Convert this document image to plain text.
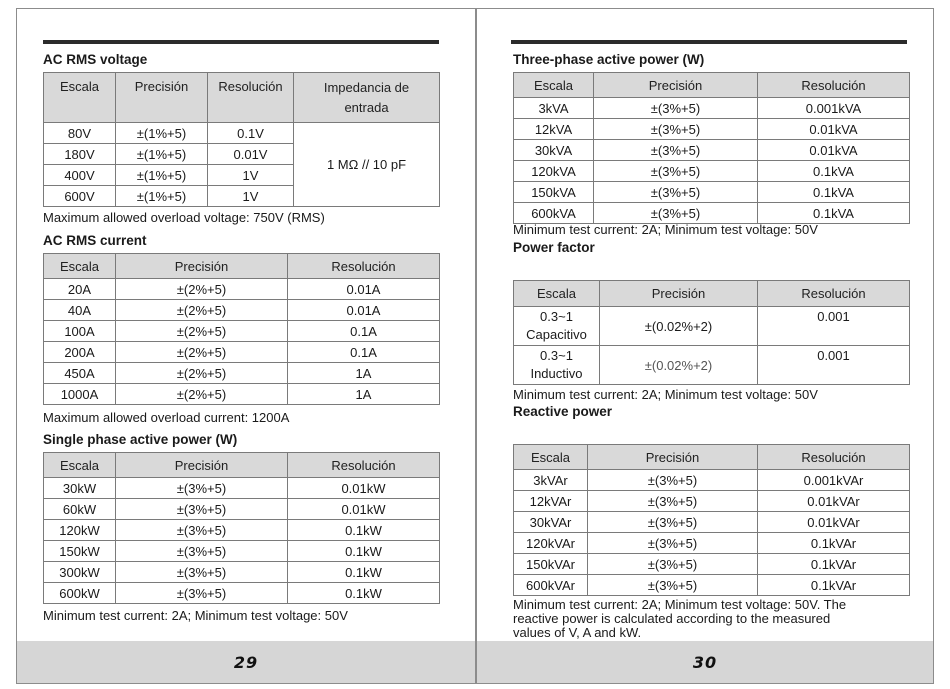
AC RMS voltage
Escala	Precisión	Resolución	Impedancia de entrada
80V	±(1%+5)	0.1V	1 MΩ // 10 pF
180V	±(1%+5)	0.01V	
400V	±(1%+5)	1V	
600V	±(1%+5)	1V	
Maximum allowed overload voltage: 750V (RMS)
AC RMS current
Escala	Precisión	Resolución
20A	±(2%+5)	0.01A
40A	±(2%+5)	0.01A
100A	±(2%+5)	0.1A
200A	±(2%+5)	0.1A
450A	±(2%+5)	1A
1000A	±(2%+5)	1A
Maximum allowed overload current: 1200A
Single phase active power (W)
Escala	Precisión	Resolución
30kW	±(3%+5)	0.01kW
60kW	±(3%+5)	0.01kW
120kW	±(3%+5)	0.1kW
150kW	±(3%+5)	0.1kW
300kW	±(3%+5)	0.1kW
600kW	±(3%+5)	0.1kW
Minimum test current: 2A; Minimum test voltage: 50V
29
Three-phase active power (W)
Escala	Precisión	Resolución
3kVA	±(3%+5)	0.001kVA
12kVA	±(3%+5)	0.01kVA
30kVA	±(3%+5)	0.01kVA
120kVA	±(3%+5)	0.1kVA
150kVA	±(3%+5)	0.1kVA
600kVA	±(3%+5)	0.1kVA
Minimum test current: 2A; Minimum test voltage: 50V
Power factor
Escala	Precisión	Resolución

0.3~1
Capacitivo	±(0.02%+2)	0.001

0.3~1
Inductivo	±(0.02%+2)	0.001
Minimum test current: 2A; Minimum test voltage: 50V
Reactive power
Escala	Precisión	Resolución
3kVAr	±(3%+5)	0.001kVAr
12kVAr	±(3%+5)	0.01kVAr
30kVAr	±(3%+5)	0.01kVAr
120kVAr	±(3%+5)	0.1kVAr
150kVAr	±(3%+5)	0.1kVAr
600kVAr	±(3%+5)	0.1kVAr
Minimum test current: 2A; Minimum test voltage: 50V. The
reactive power is calculated according to the measured
values of V, A and kW.
30
